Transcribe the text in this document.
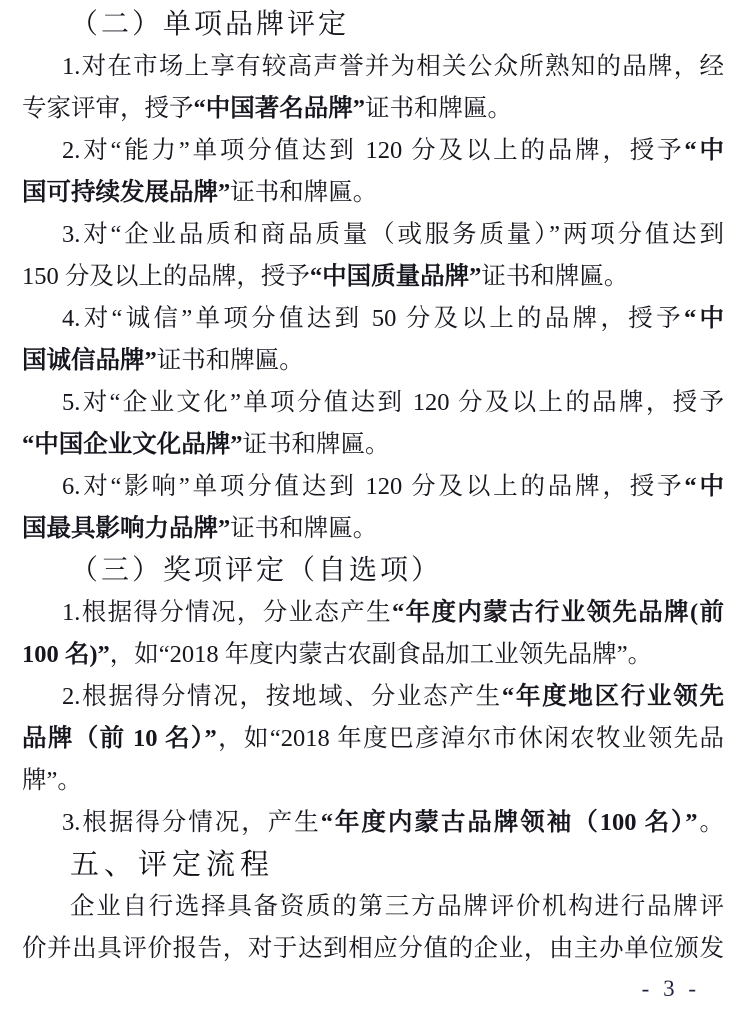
（二）单项品牌评定
1.对在市场上享有较高声誉并为相关公众所熟知的品牌，经
专家评审，授予“中国著名品牌”证书和牌匾。
2.对“能力”单项分值达到 120 分及以上的品牌，授予“中
国可持续发展品牌”证书和牌匾。
3.对“企业品质和商品质量（或服务质量）”两项分值达到
150 分及以上的品牌，授予“中国质量品牌”证书和牌匾。
4.对“诚信”单项分值达到 50 分及以上的品牌，授予“中
国诚信品牌”证书和牌匾。
5.对“企业文化”单项分值达到 120 分及以上的品牌，授予
“中国企业文化品牌”证书和牌匾。
6.对“影响”单项分值达到 120 分及以上的品牌，授予“中
国最具影响力品牌”证书和牌匾。
（三）奖项评定（自选项）
1.根据得分情况，分业态产生“年度内蒙古行业领先品牌(前
100 名)”，如“2018 年度内蒙古农副食品加工业领先品牌”。
2.根据得分情况，按地域、分业态产生“年度地区行业领先
品牌（前 10 名）”，如“2018 年度巴彦淖尔市休闲农牧业领先品
牌”。
3.根据得分情况，产生“年度内蒙古品牌领袖（100 名）”。
五、评定流程
企业自行选择具备资质的第三方品牌评价机构进行品牌评
价并出具评价报告，对于达到相应分值的企业，由主办单位颁发
- 3 -
